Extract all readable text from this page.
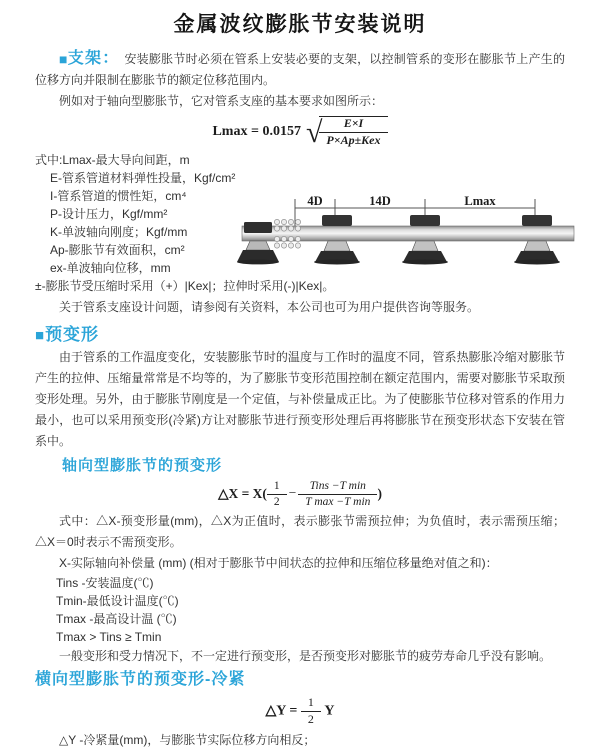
金属波纹膨胀节安装说明

■支架： 安装膨胀节时必须在管系上安装必要的支架，以控制管系的变形在膨胀节上产生的位移方向并限制在膨胀节的额定位移范围内。

例如对于轴向型膨胀节，它对管系支座的基本要求如图所示：

Lmax = 0.0157 √
$\frac{E\times I}{\text{P×Ap±Kex}}$
式中:Lmax-最大导向间距，m
E-管系管道材料弹性投量，Kgf/cm²
I-管系管道的惯性矩，cm⁴
P-设计压力，Kgf/mm²
K-单波轴向刚度；Kgf/mm
Ap-膨胀节有效面积，cm²
ex-单波轴向位移，mm
±-膨胀节受压缩时采用（+）|Kex|；拉伸时采用(-)|Kex|。
关于管系支座设计问题，请参阅有关资料，本公司也可为用户提供咨询等服务。
■预变形

由于管系的工作温度变化，安装膨胀节时的温度与工作时的温度不同，管系热膨胀冷缩对膨胀节产生的拉伸、压缩量常常是不均等的，为了膨胀节变形范围控制在额定范围内，需要对膨胀节采取预变形处理。另外，由于膨胀节刚度是一个定值，与补偿量成正比。为了使膨胀节位移对管系的作用力最小，也可以采用预变形(冷紧)方让对膨胀节进行预变形处理后再将膨胀节在预变形状态下安装在管系中。

轴向型膨胀节的预变形
△X = $X( \frac{1}{2} - \frac{\text{Tins −T min}}{\text{T max −T min}}$ )

式中：△X-预变形量(mm)，△X为正值时，表示膨张节需预拉伸；为负值时，表示需预压缩；△X＝0时表示不需预变形。

X-实际轴向补偿量 (mm) (相对于膨胀节中间状态的拉伸和压缩位移量绝对值之和)：

Tins -安装温度(℃)

Tmin-最低设计温度(℃)

Tmax -最高设计温 (℃)

Tmax > Tins ≥ Tmin

一般变形和受力情况下，不一定进行预变形，是否预变形对膨胀节的疲劳寿命几乎没有影响。

横向型膨胀节的预变形-冷紧
△Y = $\frac{1}{2}$ Y

△Y -冷紧量(mm)，与膨胀节实际位移方向相反；

4D	14D	Lmax
